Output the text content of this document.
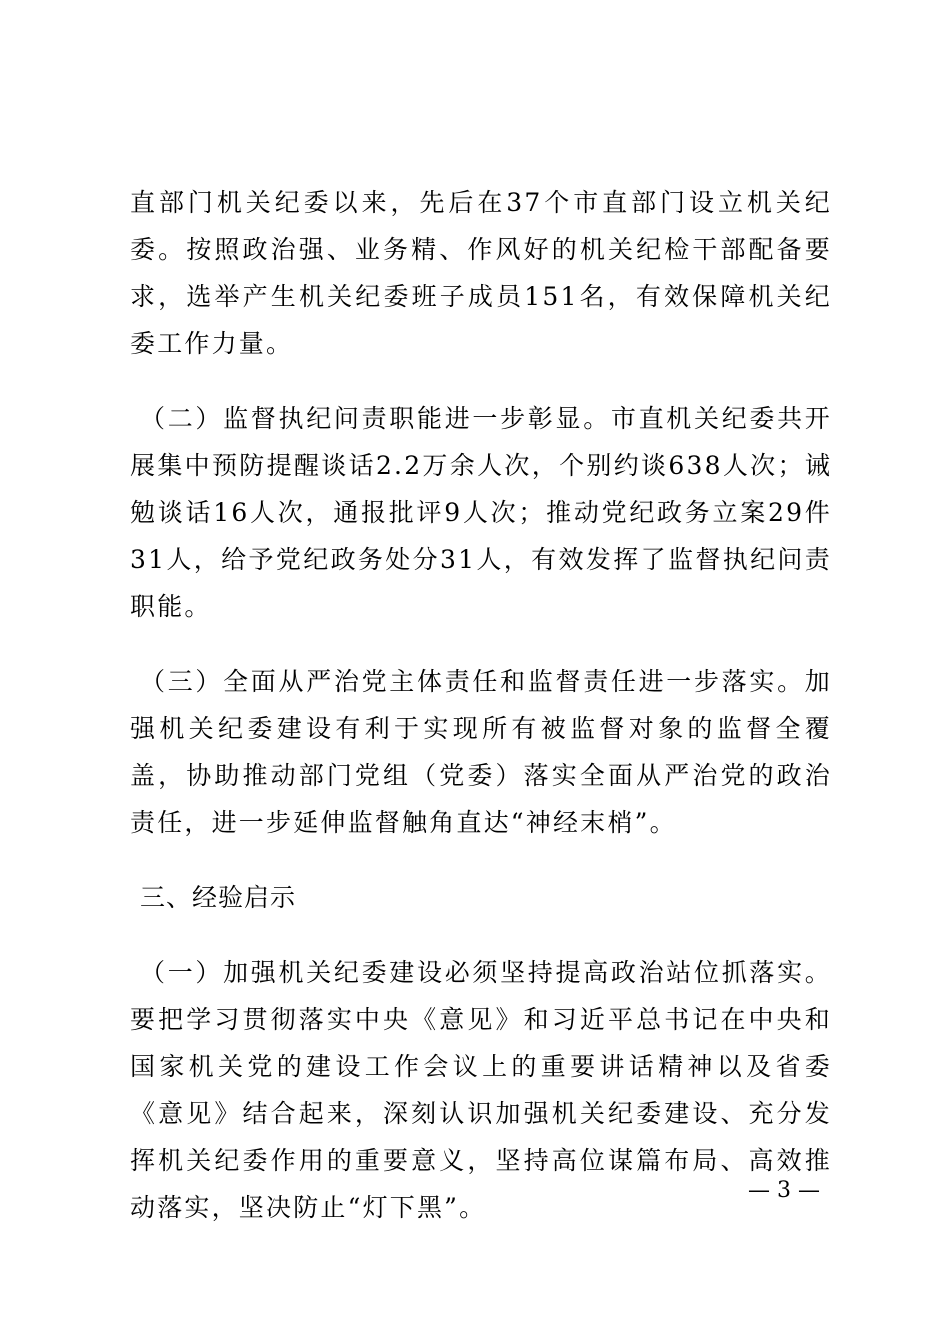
直部门机关纪委以来，先后在37个市直部门设立机关纪委。按照政治强、业务精、作风好的机关纪检干部配备要求，选举产生机关纪委班子成员151名，有效保障机关纪委工作力量。

（二）监督执纪问责职能进一步彰显。市直机关纪委共开展集中预防提醒谈话2.2万余人次，个别约谈638人次；诫勉谈话16人次，通报批评9人次；推动党纪政务立案29件31人，给予党纪政务处分31人，有效发挥了监督执纪问责职能。

（三）全面从严治党主体责任和监督责任进一步落实。加强机关纪委建设有利于实现所有被监督对象的监督全覆盖，协助推动部门党组（党委）落实全面从严治党的政治责任，进一步延伸监督触角直达“神经末梢”。

三、经验启示

（一）加强机关纪委建设必须坚持提高政治站位抓落实。要把学习贯彻落实中央《意见》和习近平总书记在中央和国家机关党的建设工作会议上的重要讲话精神以及省委《意见》结合起来，深刻认识加强机关纪委建设、充分发挥机关纪委作用的重要意义，坚持高位谋篇布局、高效推动落实，坚决防止“灯下黑”。

— 3 —
